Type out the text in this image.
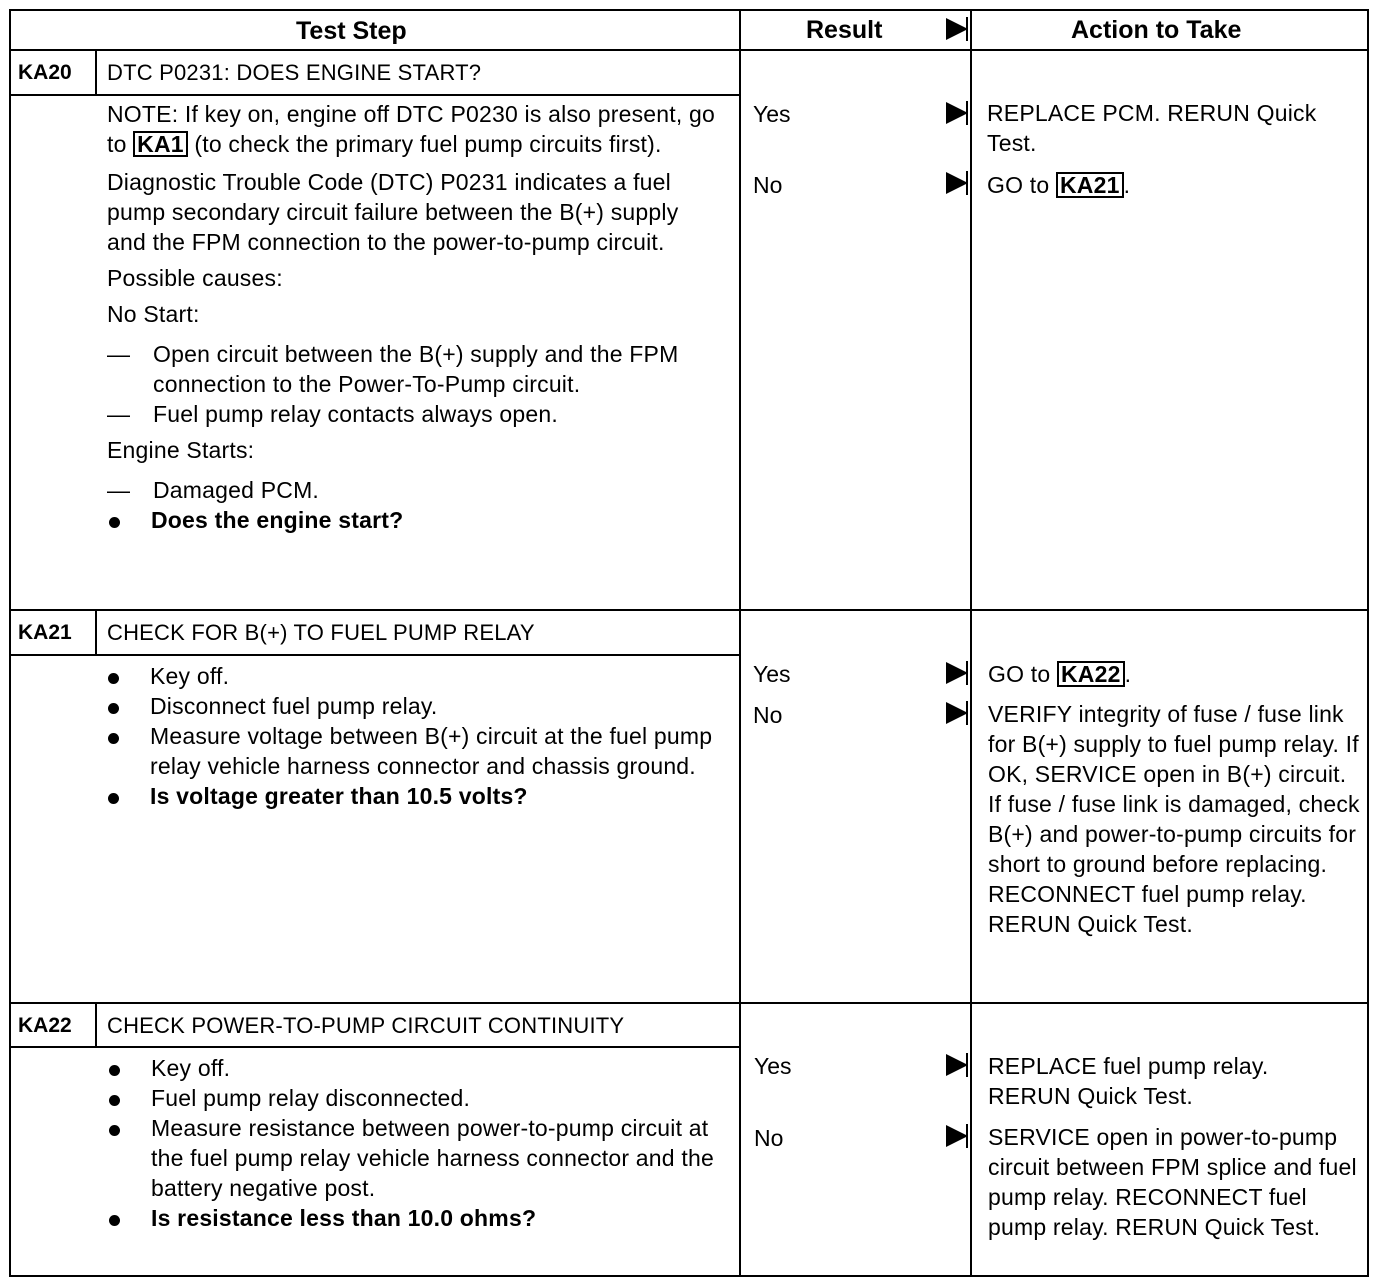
Test Step	Result	Action to Take
KA20 DTC P0231: DOES ENGINE START?

NOTE: If key on, engine off DTC P0230 is also present, go to KA1 (to check the primary fuel pump circuits first).

Diagnostic Trouble Code (DTC) P0231 indicates a fuel pump secondary circuit failure between the B(+) supply and the FPM connection to the power-to-pump circuit.

Possible causes:

No Start:

— Open circuit between the B(+) supply and the FPM connection to the Power-To-Pump circuit.
— Fuel pump relay contacts always open.

Engine Starts:

— Damaged PCM.
Does the engine start?
Yes
No
REPLACE PCM. RERUN Quick Test.
GO to KA21 .
KA21 CHECK FOR B(+) TO FUEL PUMP RELAY
Key off.
Disconnect fuel pump relay.
Measure voltage between B(+) circuit at the fuel pump relay vehicle harness connector and chassis ground.
Is voltage greater than 10.5 volts?
Yes
No
GO to KA22 .
VERIFY integrity of fuse / fuse link for B(+) supply to fuel pump relay. If OK, SERVICE open in B(+) circuit. If fuse / fuse link is damaged, check B(+) and power-to-pump circuits for short to ground before replacing. RECONNECT fuel pump relay. RERUN Quick Test.
KA22 CHECK POWER-TO-PUMP CIRCUIT CONTINUITY
Key off.
Fuel pump relay disconnected.
Measure resistance between power-to-pump circuit at the fuel pump relay vehicle harness connector and the battery negative post.
Is resistance less than 10.0 ohms?
Yes
No
REPLACE fuel pump relay. RERUN Quick Test.
SERVICE open in power-to-pump circuit between FPM splice and fuel pump relay. RECONNECT fuel pump relay. RERUN Quick Test.
